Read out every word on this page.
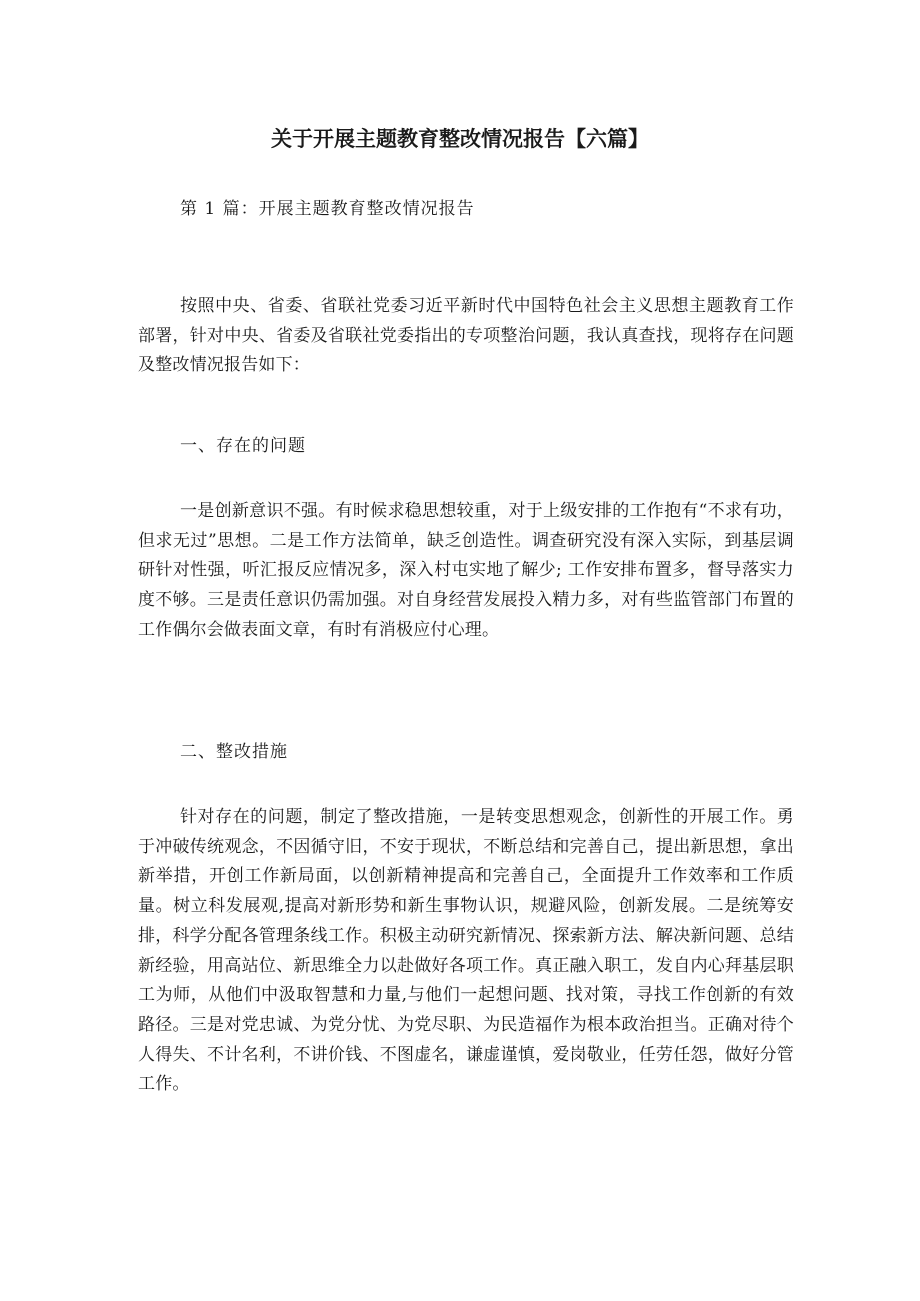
关于开展主题教育整改情况报告【六篇】
第 1 篇：开展主题教育整改情况报告

按照中央、省委、省联社党委习近平新时代中国特色社会主义思想主题教育工作部署，针对中央、省委及省联社党委指出的专项整治问题，我认真查找，现将存在问题及整改情况报告如下：

一、存在的问题

一是创新意识不强。有时候求稳思想较重，对于上级安排的工作抱有“不求有功，但求无过”思想。二是工作方法简单，缺乏创造性。调查研究没有深入实际，到基层调研针对性强，听汇报反应情况多，深入村屯实地了解少; 工作安排布置多，督导落实力度不够。三是责任意识仍需加强。对自身经营发展投入精力多，对有些监管部门布置的工作偶尔会做表面文章，有时有消极应付心理。

二、整改措施

针对存在的问题，制定了整改措施，一是转变思想观念，创新性的开展工作。勇于冲破传统观念，不因循守旧，不安于现状，不断总结和完善自己，提出新思想，拿出新举措，开创工作新局面，以创新精神提高和完善自己，全面提升工作效率和工作质量。树立科发展观,提高对新形势和新生事物认识，规避风险，创新发展。二是统筹安排，科学分配各管理条线工作。积极主动研究新情况、探索新方法、解决新问题、总结新经验，用高站位、新思维全力以赴做好各项工作。真正融入职工，发自内心拜基层职工为师，从他们中汲取智慧和力量,与他们一起想问题、找对策，寻找工作创新的有效路径。三是对党忠诚、为党分忧、为党尽职、为民造福作为根本政治担当。正确对待个人得失、不计名利，不讲价钱、不图虚名，谦虚谨慎，爱岗敬业，任劳任怨，做好分管工作。
